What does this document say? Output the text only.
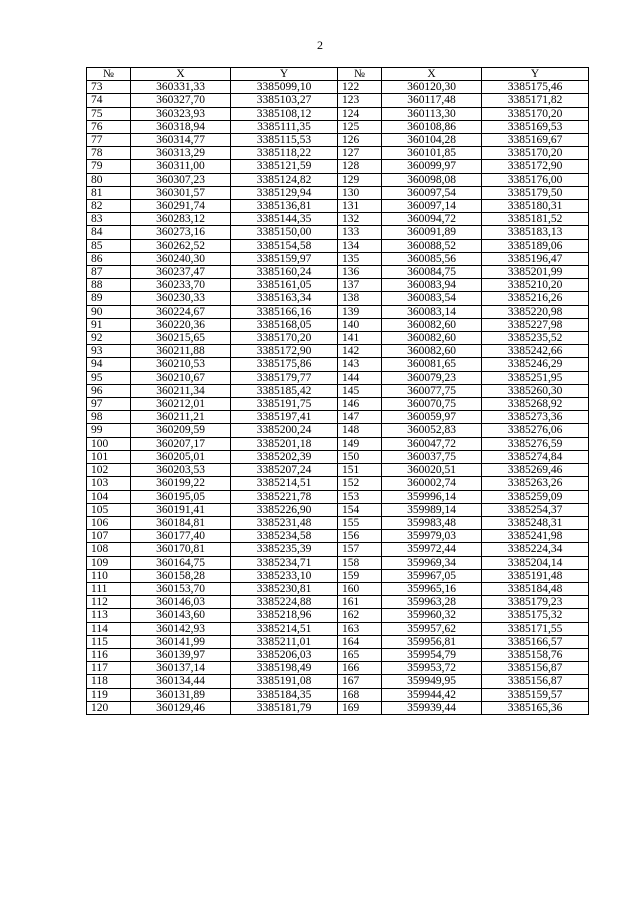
2
№	X	Y	№	X	Y
73	360331,33	3385099,10	122	360120,30	3385175,46
74	360327,70	3385103,27	123	360117,48	3385171,82
75	360323,93	3385108,12	124	360113,30	3385170,20
76	360318,94	3385111,35	125	360108,86	3385169,53
77	360314,77	3385115,53	126	360104,28	3385169,67
78	360313,29	3385118,22	127	360101,85	3385170,20
79	360311,00	3385121,59	128	360099,97	3385172,90
80	360307,23	3385124,82	129	360098,08	3385176,00
81	360301,57	3385129,94	130	360097,54	3385179,50
82	360291,74	3385136,81	131	360097,14	3385180,31
83	360283,12	3385144,35	132	360094,72	3385181,52
84	360273,16	3385150,00	133	360091,89	3385183,13
85	360262,52	3385154,58	134	360088,52	3385189,06
86	360240,30	3385159,97	135	360085,56	3385196,47
87	360237,47	3385160,24	136	360084,75	3385201,99
88	360233,70	3385161,05	137	360083,94	3385210,20
89	360230,33	3385163,34	138	360083,54	3385216,26
90	360224,67	3385166,16	139	360083,14	3385220,98
91	360220,36	3385168,05	140	360082,60	3385227,98
92	360215,65	3385170,20	141	360082,60	3385235,52
93	360211,88	3385172,90	142	360082,60	3385242,66
94	360210,53	3385175,86	143	360081,65	3385246,29
95	360210,67	3385179,77	144	360079,23	3385251,95
96	360211,34	3385185,42	145	360077,75	3385260,30
97	360212,01	3385191,75	146	360070,75	3385268,92
98	360211,21	3385197,41	147	360059,97	3385273,36
99	360209,59	3385200,24	148	360052,83	3385276,06
100	360207,17	3385201,18	149	360047,72	3385276,59
101	360205,01	3385202,39	150	360037,75	3385274,84
102	360203,53	3385207,24	151	360020,51	3385269,46
103	360199,22	3385214,51	152	360002,74	3385263,26
104	360195,05	3385221,78	153	359996,14	3385259,09
105	360191,41	3385226,90	154	359989,14	3385254,37
106	360184,81	3385231,48	155	359983,48	3385248,31
107	360177,40	3385234,58	156	359979,03	3385241,98
108	360170,81	3385235,39	157	359972,44	3385224,34
109	360164,75	3385234,71	158	359969,34	3385204,14
110	360158,28	3385233,10	159	359967,05	3385191,48
111	360153,70	3385230,81	160	359965,16	3385184,48
112	360146,03	3385224,88	161	359963,28	3385179,23
113	360143,60	3385218,96	162	359960,32	3385175,32
114	360142,93	3385214,51	163	359957,62	3385171,55
115	360141,99	3385211,01	164	359956,81	3385166,57
116	360139,97	3385206,03	165	359954,79	3385158,76
117	360137,14	3385198,49	166	359953,72	3385156,87
118	360134,44	3385191,08	167	359949,95	3385156,87
119	360131,89	3385184,35	168	359944,42	3385159,57
120	360129,46	3385181,79	169	359939,44	3385165,36
